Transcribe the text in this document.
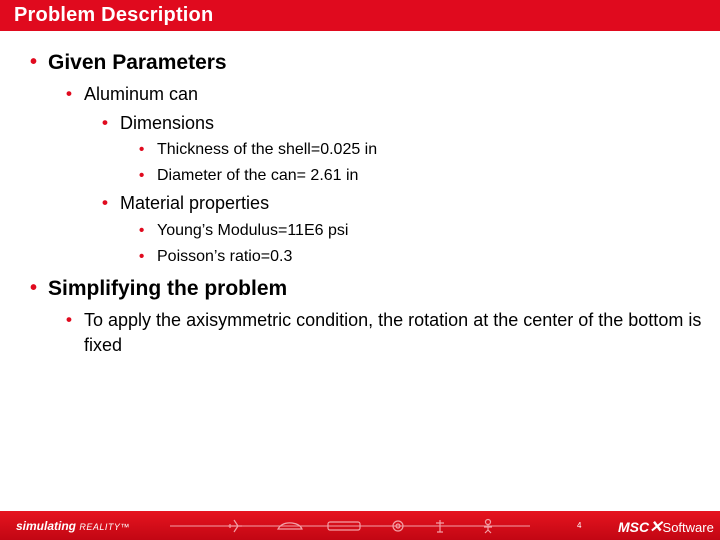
Problem Description
• Given Parameters
• Aluminum can
• Dimensions
• Thickness of the shell=0.025 in
• Diameter of the can= 2.61 in
• Material properties
• Young’s Modulus=11E6 psi
• Poisson’s ratio=0.3
• Simplifying the problem
• To apply the axisymmetric condition, the rotation at the center of the bottom is fixed
simulating REALITY™	4	MSC✕Software
